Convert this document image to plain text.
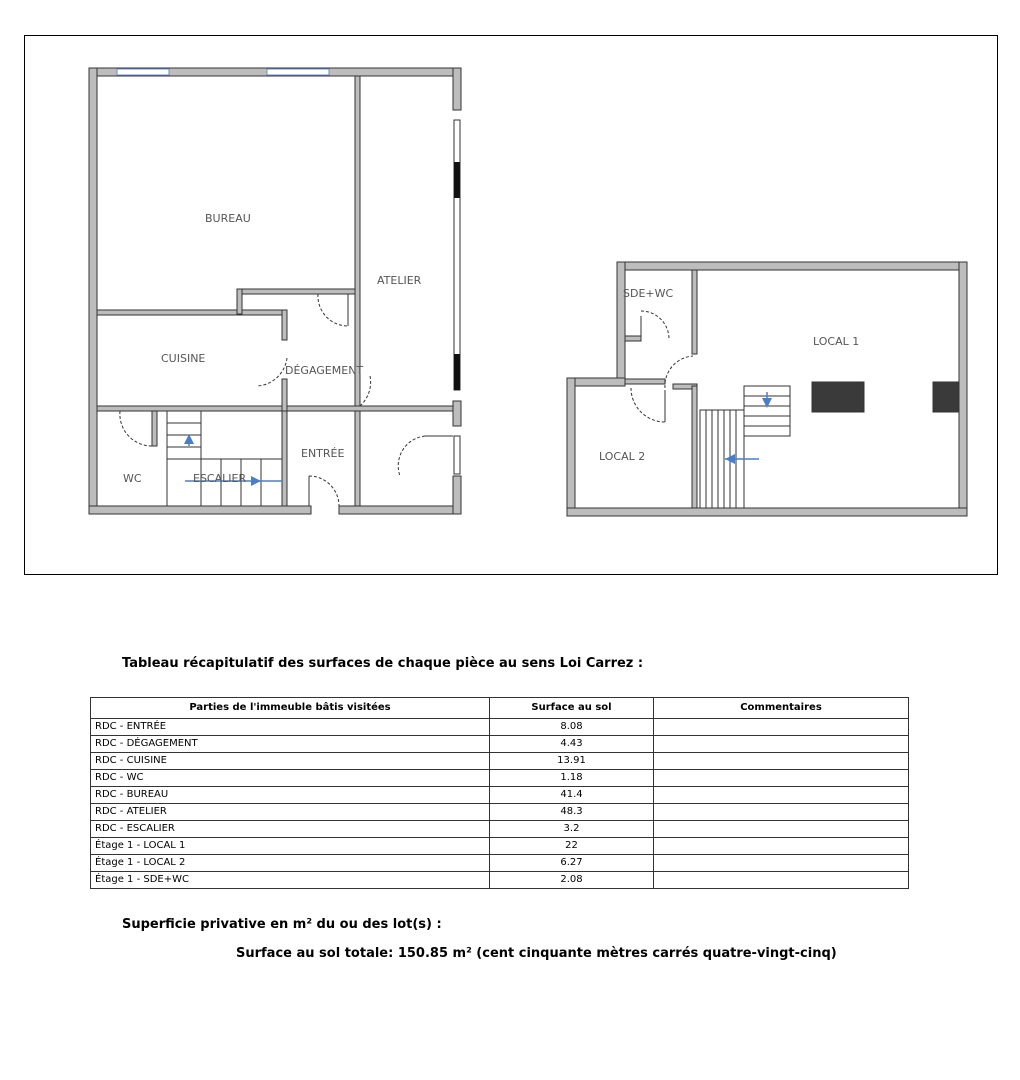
BUREAU
ATELIER
CUISINE
DÉGAGEMENT
ENTRÉE
WC	ESCALIER
SDE+WC
LOCAL 1
LOCAL 2
Tableau récapitulatif des surfaces de chaque pièce au sens Loi Carrez :
Parties de l'immeuble bâtis visitées	Surface au sol	Commentaires
RDC - ENTRÉE	8.08	
RDC - DÉGAGEMENT	4.43	
RDC - CUISINE	13.91	
RDC - WC	1.18	
RDC - BUREAU	41.4	
RDC - ATELIER	48.3	
RDC - ESCALIER	3.2	
Étage 1 - LOCAL 1	22	
Étage 1 - LOCAL 2	6.27	
Étage 1 - SDE+WC	2.08	
Superficie privative en m² du ou des lot(s) :
Surface au sol totale: 150.85 m² (cent cinquante mètres carrés quatre-vingt-cinq)
